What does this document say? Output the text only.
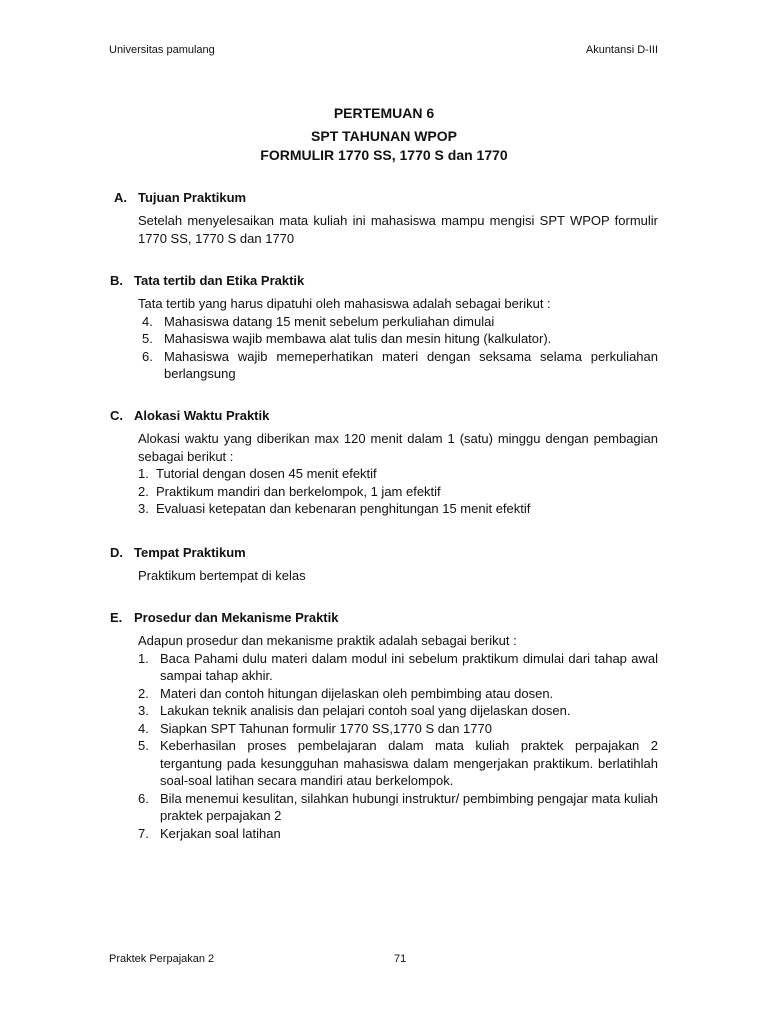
Universitas pamulang	Akuntansi D-III
PERTEMUAN 6
SPT TAHUNAN WPOP
FORMULIR 1770 SS, 1770 S dan 1770
A. Tujuan Praktikum
Setelah menyelesaikan mata kuliah ini mahasiswa mampu mengisi SPT WPOP formulir 1770 SS, 1770 S dan 1770
B. Tata tertib dan Etika Praktik
Tata tertib yang harus dipatuhi oleh mahasiswa adalah sebagai berikut :
4. Mahasiswa datang 15 menit sebelum perkuliahan dimulai
5. Mahasiswa wajib membawa alat tulis dan mesin hitung (kalkulator).
6. Mahasiswa wajib memeperhatikan materi dengan seksama selama perkuliahan berlangsung
C. Alokasi Waktu Praktik
Alokasi waktu yang diberikan max 120 menit dalam 1 (satu) minggu dengan pembagian sebagai berikut :
1. Tutorial dengan dosen 45 menit efektif
2. Praktikum mandiri dan berkelompok, 1 jam efektif
3. Evaluasi ketepatan dan kebenaran penghitungan 15 menit efektif
D. Tempat Praktikum
Praktikum bertempat di kelas
E. Prosedur dan Mekanisme Praktik
Adapun prosedur dan mekanisme praktik adalah sebagai berikut :
1. Baca Pahami dulu materi dalam modul ini sebelum praktikum dimulai dari tahap awal sampai tahap akhir.
2. Materi dan contoh hitungan dijelaskan oleh pembimbing atau dosen.
3. Lakukan teknik analisis dan pelajari contoh soal yang dijelaskan dosen.
4. Siapkan SPT Tahunan formulir 1770 SS,1770 S dan 1770
5. Keberhasilan proses pembelajaran dalam mata kuliah praktek perpajakan 2 tergantung pada kesungguhan mahasiswa dalam mengerjakan praktikum. berlatihlah soal-soal latihan secara mandiri atau berkelompok.
6. Bila menemui kesulitan, silahkan hubungi instruktur/ pembimbing pengajar mata kuliah praktek perpajakan 2
7. Kerjakan soal latihan
Praktek Perpajakan 2	71
